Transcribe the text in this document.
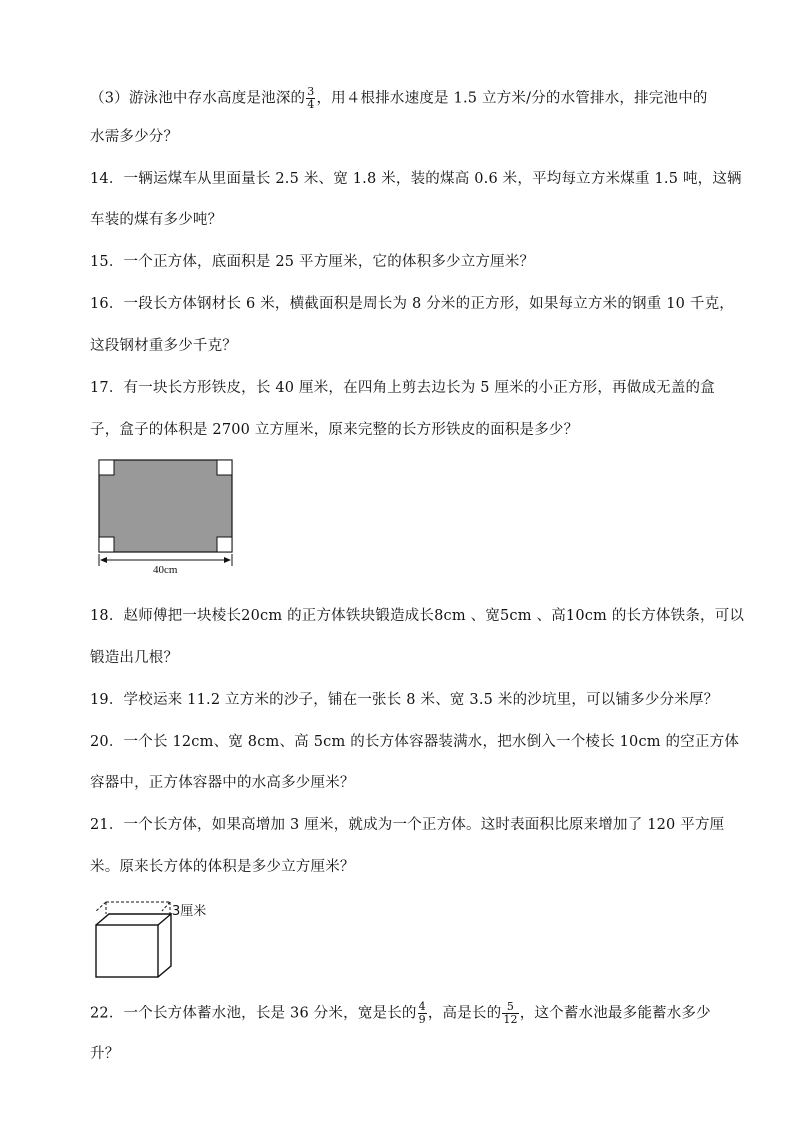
（3）游泳池中存水高度是池深的 $\frac{3}{4}$ ，用４根排水速度是 1.5 立方米/分的水管排水，排完池中的
水需多少分？
14．一辆运煤车从里面量长 2.5 米、宽 1.8 米，装的煤高 0.6 米，平均每立方米煤重 1.5 吨，这辆
车装的煤有多少吨？
15．一个正方体，底面积是 25 平方厘米，它的体积多少立方厘米？
16．一段长方体钢材长 6 米，横截面积是周长为 8 分米的正方形，如果每立方米的钢重 10 千克，
这段钢材重多少千克？
17．有一块长方形铁皮，长 40 厘米，在四角上剪去边长为 5 厘米的小正方形，再做成无盖的盒
子，盒子的体积是 2700 立方厘米，原来完整的长方形铁皮的面积是多少？
40cm
18．赵师傅把一块棱长20cm 的正方体铁块锻造成长8cm 、宽5cm 、高10cm 的长方体铁条，可以
锻造出几根？
19．学校运来 11.2 立方米的沙子，铺在一张长 8 米、宽 3.5 米的沙坑里，可以铺多少分米厚？
20．一个长 12cm、宽 8cm、高 5cm 的长方体容器装满水，把水倒入一个棱长 10cm 的空正方体
容器中，正方体容器中的水高多少厘米？
21．一个长方体，如果高增加 3 厘米，就成为一个正方体。这时表面积比原来增加了 120 平方厘
米。原来长方体的体积是多少立方厘米？
3厘米
22．一个长方体蓄水池，长是 36 分米，宽是长的 $\frac{4}{9}$ ，高是长的 $\frac{5}{12}$ ，这个蓄水池最多能蓄水多少
升？
